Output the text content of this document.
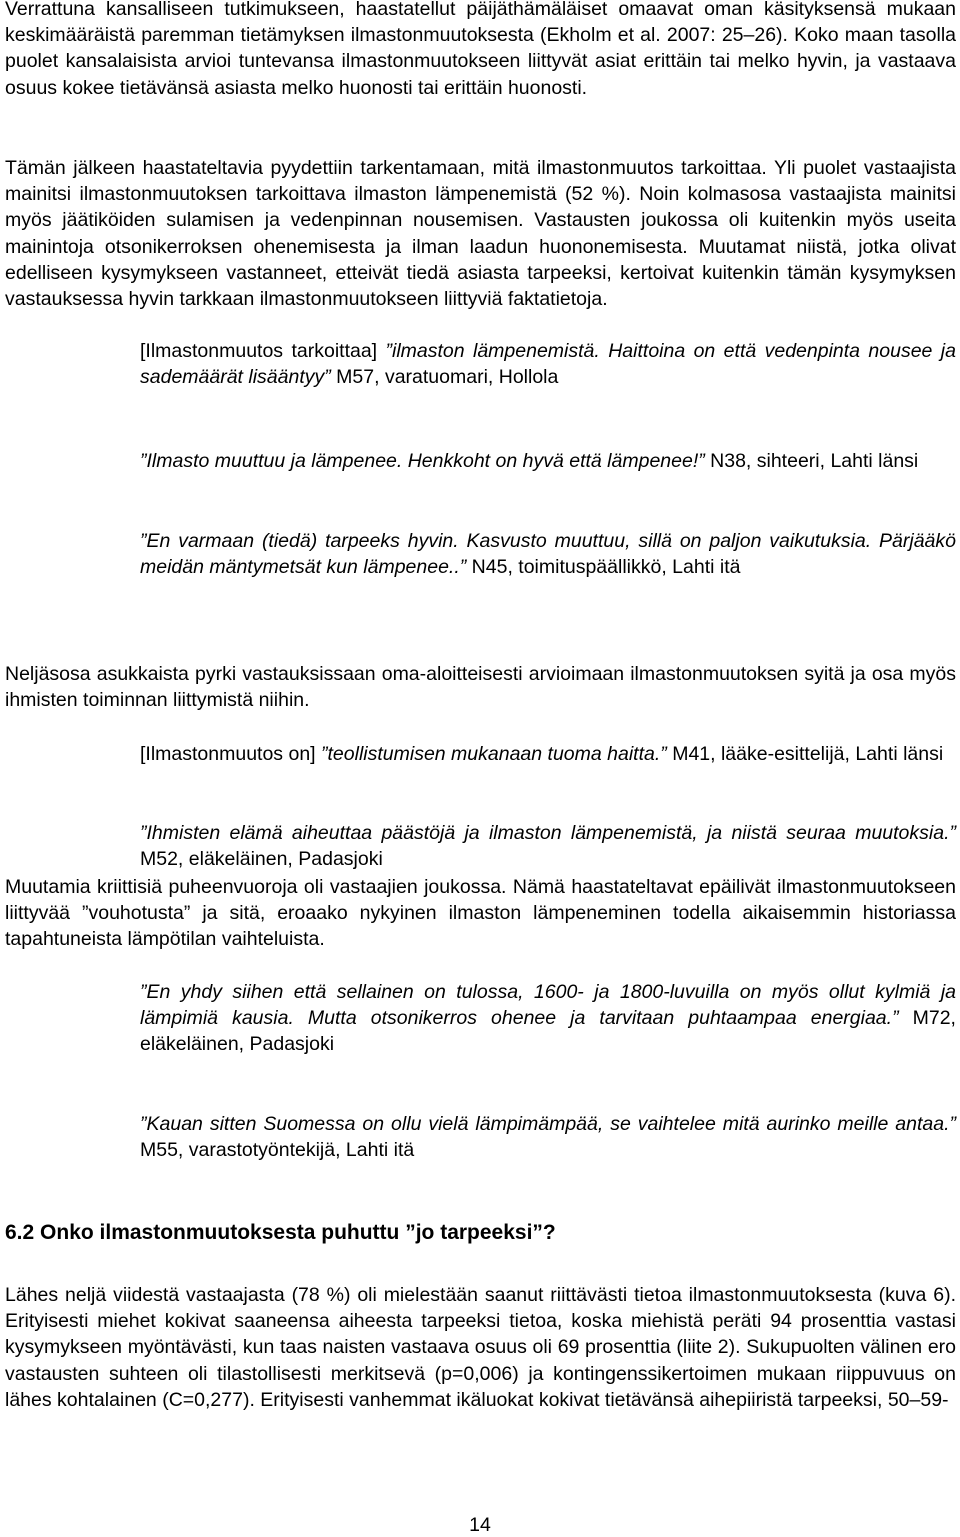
Verrattuna kansalliseen tutkimukseen, haastatellut päijäthämäläiset omaavat oman käsityksensä mukaan keskimääräistä paremman tietämyksen ilmastonmuutoksesta (Ekholm et al. 2007: 25–26). Koko maan tasolla puolet kansalaisista arvioi tuntevansa ilmastonmuutokseen liittyvät asiat erittäin tai melko hyvin, ja vastaava osuus kokee tietävänsä asiasta melko huonosti tai erittäin huonosti.

Tämän jälkeen haastateltavia pyydettiin tarkentamaan, mitä ilmastonmuutos tarkoittaa. Yli puolet vastaajista mainitsi ilmastonmuutoksen tarkoittava ilmaston lämpenemistä (52 %). Noin kolmasosa vastaajista mainitsi myös jäätiköiden sulamisen ja vedenpinnan nousemisen. Vastausten joukossa oli kuitenkin myös useita mainintoja otsonikerroksen ohenemisesta ja ilman laadun huononemisesta. Muutamat niistä, jotka olivat edelliseen kysymykseen vastanneet, etteivät tiedä asiasta tarpeeksi, kertoivat kuitenkin tämän kysymyksen vastauksessa hyvin tarkkaan ilmastonmuutokseen liittyviä faktatietoja.

[Ilmastonmuutos tarkoittaa] ”ilmaston lämpenemistä. Haittoina on että vedenpinta nousee ja sademäärät lisääntyy” M57, varatuomari, Hollola

”Ilmasto muuttuu ja lämpenee. Henkkoht on hyvä että lämpenee!” N38, sihteeri, Lahti länsi

”En varmaan (tiedä) tarpeeks hyvin. Kasvusto muuttuu, sillä on paljon vaikutuksia. Pärjääkö meidän mäntymetsät kun lämpenee..” N45, toimituspäällikkö, Lahti itä

Neljäsosa asukkaista pyrki vastauksissaan oma-aloitteisesti arvioimaan ilmastonmuutoksen syitä ja osa myös ihmisten toiminnan liittymistä niihin.

[Ilmastonmuutos on] ”teollistumisen mukanaan tuoma haitta.” M41, lääke-esittelijä, Lahti länsi

”Ihmisten elämä aiheuttaa päästöjä ja ilmaston lämpenemistä, ja niistä seuraa muutoksia.” M52, eläkeläinen, Padasjoki

Muutamia kriittisiä puheenvuoroja oli vastaajien joukossa. Nämä haastateltavat epäilivät ilmastonmuutokseen liittyvää ”vouhotusta” ja sitä, eroaako nykyinen ilmaston lämpeneminen todella aikaisemmin historiassa tapahtuneista lämpötilan vaihteluista.

”En yhdy siihen että sellainen on tulossa, 1600- ja 1800-luvuilla on myös ollut kylmiä ja lämpimiä kausia. Mutta otsonikerros ohenee ja tarvitaan puhtaampaa energiaa.” M72, eläkeläinen, Padasjoki

”Kauan sitten Suomessa on ollu vielä lämpimämpää, se vaihtelee mitä aurinko meille antaa.” M55, varastotyöntekijä, Lahti itä

6.2 Onko ilmastonmuutoksesta puhuttu ”jo tarpeeksi”?

Lähes neljä viidestä vastaajasta (78 %) oli mielestään saanut riittävästi tietoa ilmastonmuutoksesta (kuva 6). Erityisesti miehet kokivat saaneensa aiheesta tarpeeksi tietoa, koska miehistä peräti 94 prosenttia vastasi kysymykseen myöntävästi, kun taas naisten vastaava osuus oli 69 prosenttia (liite 2). Sukupuolten välinen ero vastausten suhteen oli tilastollisesti merkitsevä (p=0,006) ja kontingenssikertoimen mukaan riippuvuus on lähes kohtalainen (C=0,277). Erityisesti vanhemmat ikäluokat kokivat tietävänsä aihepiiristä tarpeeksi, 50–59-

14
